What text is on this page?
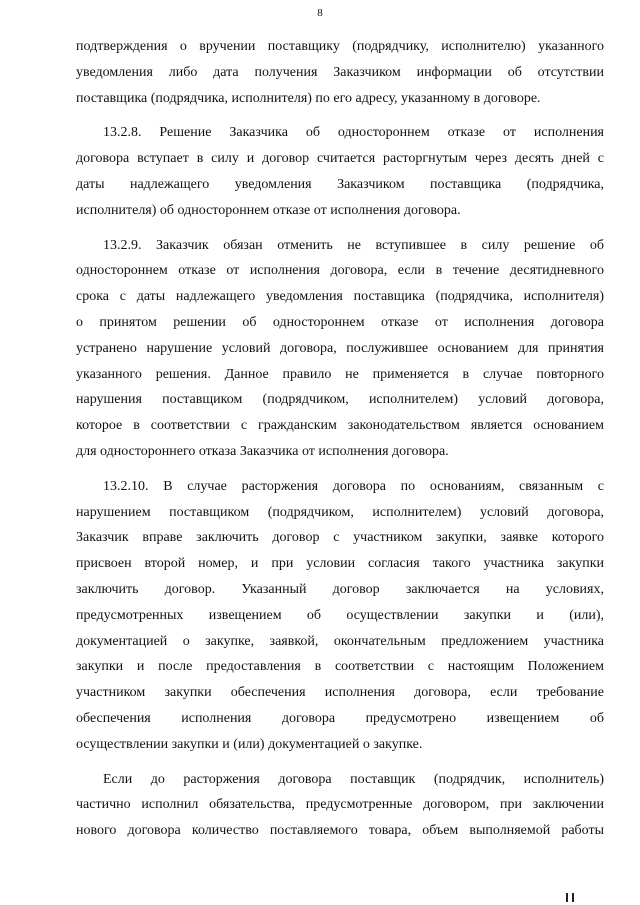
8
подтверждения о вручении поставщику (подрядчику, исполнителю) указанного
уведомления либо дата получения Заказчиком информации об отсутствии
поставщика (подрядчика, исполнителя) по его адресу, указанному в договоре.
13.2.8. Решение Заказчика об одностороннем отказе от исполнения
договора вступает в силу и договор считается расторгнутым через десять дней с
даты надлежащего уведомления Заказчиком поставщика (подрядчика,
исполнителя) об одностороннем отказе от исполнения договора.
13.2.9. Заказчик обязан отменить не вступившее в силу решение об
одностороннем отказе от исполнения договора, если в течение десятидневного
срока с даты надлежащего уведомления поставщика (подрядчика, исполнителя)
о принятом решении об одностороннем отказе от исполнения договора
устранено нарушение условий договора, послужившее основанием для принятия
указанного решения. Данное правило не применяется в случае повторного
нарушения поставщиком (подрядчиком, исполнителем) условий договора,
которое в соответствии с гражданским законодательством является основанием
для одностороннего отказа Заказчика от исполнения договора.
13.2.10. В случае расторжения договора по основаниям, связанным с
нарушением поставщиком (подрядчиком, исполнителем) условий договора,
Заказчик вправе заключить договор с участником закупки, заявке которого
присвоен второй номер, и при условии согласия такого участника закупки
заключить договор. Указанный договор заключается на условиях,
предусмотренных извещением об осуществлении закупки и (или),
документацией о закупке, заявкой, окончательным предложением участника
закупки и после предоставления в соответствии с настоящим Положением
участником закупки обеспечения исполнения договора, если требование
обеспечения исполнения договора предусмотрено извещением об
осуществлении закупки и (или) документацией о закупке.
Если до расторжения договора поставщик (подрядчик, исполнитель)
частично исполнил обязательства, предусмотренные договором, при заключении
нового договора количество поставляемого товара, объем выполняемой работы
